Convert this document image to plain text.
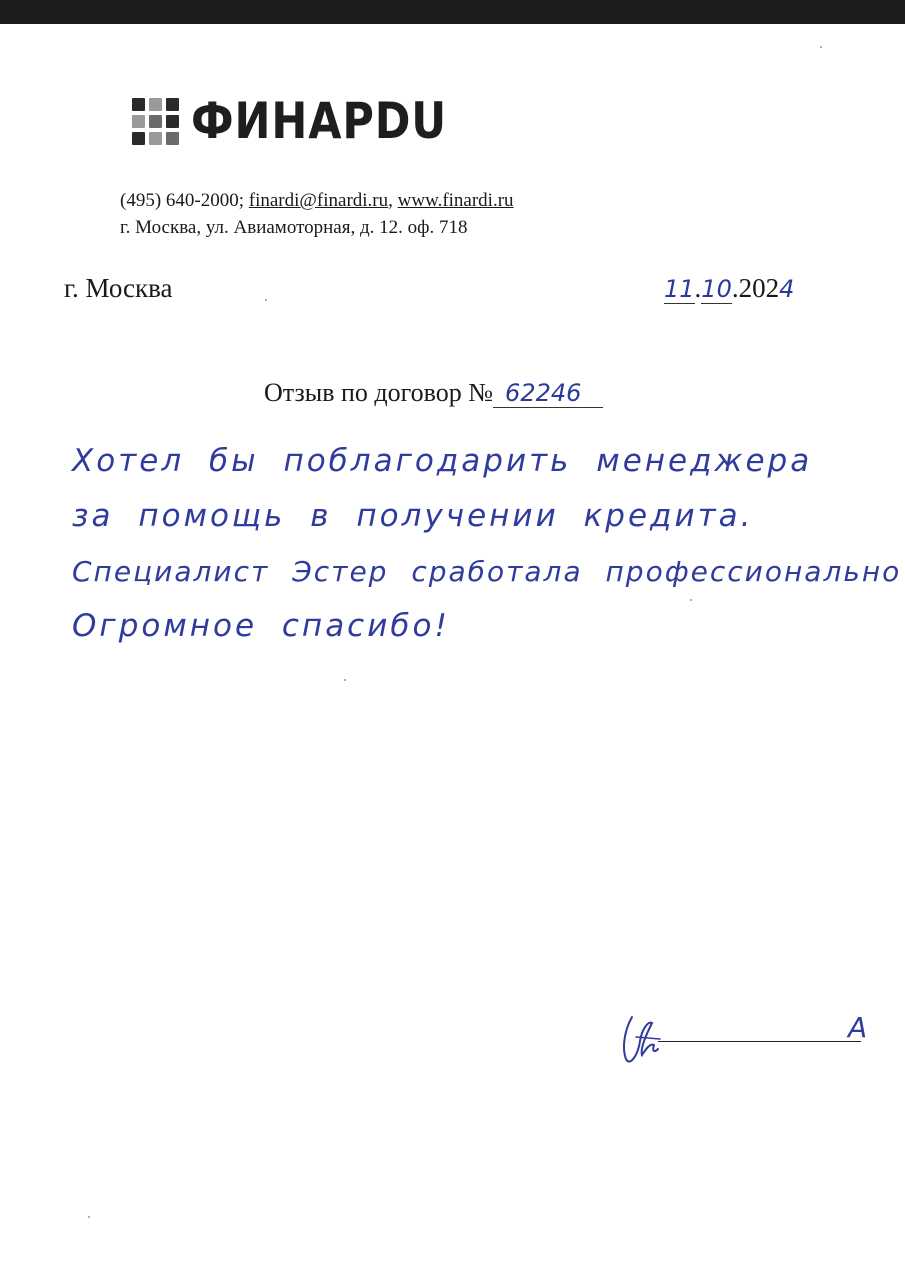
ФИНАРDU
(495) 640-2000; finardi@finardi.ru, www.finardi.ru
г. Москва, ул. Авиамоторная, д. 12. оф. 718
г. Москва	11.10.2024
Отзыв по договор № 62246
Хотел бы поблагодарить менеджера
за помощь в получении кредита.
Специалист Эстер сработала профессионально
Огромное спасибо!
А
